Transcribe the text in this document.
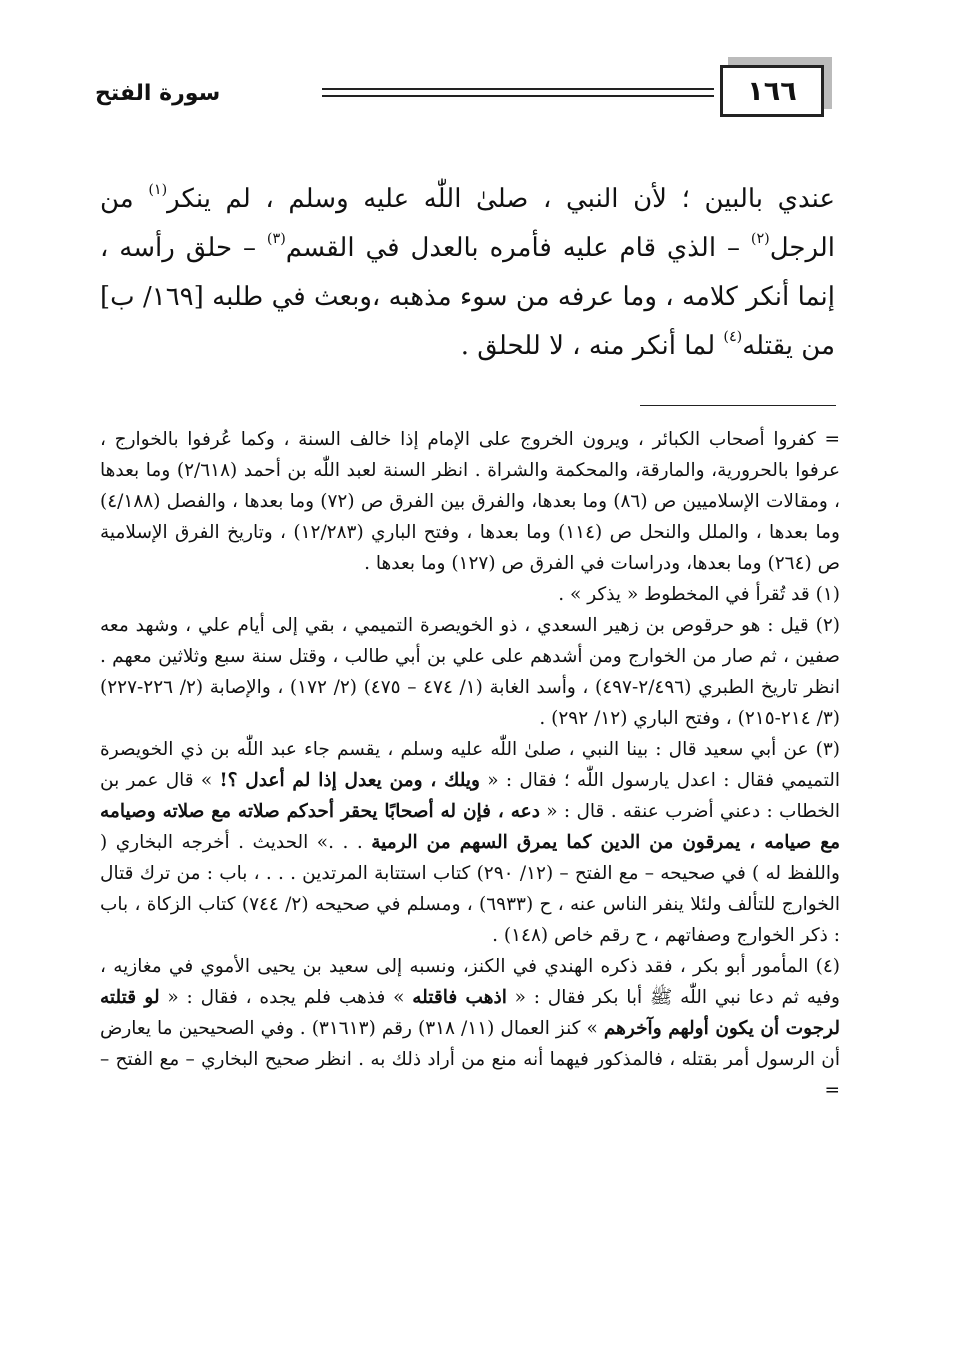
١٦٦
سورة الفتح

عندي بالبين ؛ لأن النبي ، صلىٰ اللّٰه عليه وسلم ، لم ينكر$^{(١)}$ من الرجل$^{(٢)}$ – الذي قام عليه فأمره بالعدل في القسم$^{(٣)}$ – حلق رأسه ، إنما أنكر كلامه ، وما عرفه من سوء مذهبه ،وبعث في طلبه [١٦٩/ ب] من يقتله$^{(٤)}$ لما أنكر منه ، لا للحلق .

= كفروا أصحاب الكبائر ، ويرون الخروج على الإمام إذا خالف السنة ، وكما عُرفوا بالخوارج ، عرفوا بالحرورية، والمارقة، والمحكمة والشراة . انظر السنة لعبد اللّٰه بن أحمد (٢/٦١٨) وما بعدها ، ومقالات الإسلاميين ص (٨٦) وما بعدها، والفرق بين الفرق ص (٧٢) وما بعدها ، والفصل (٤/١٨٨) وما بعدها ، والملل والنحل ص (١١٤) وما بعدها ، وفتح الباري (١٢/٢٨٣) ، وتاريخ الفرق الإسلامية ص (٢٦٤) وما بعدها، ودراسات في الفرق ص (١٢٧) وما بعدها .

(١) قد تُقرأ في المخطوط « يذكر » .

(٢) قيل : هو حرقوص بن زهير السعدي ، ذو الخويصرة التميمي ، بقي إلى أيام علي ، وشهد معه صفين ، ثم صار من الخوارج ومن أشدهم على علي بن أبي طالب ، وقتل سنة سبع وثلاثين معهم . انظر تاريخ الطبري (٢/٤٩٦-٤٩٧) ، وأسد الغابة (١/ ٤٧٤ – ٤٧٥) (٢/ ١٧٢) ، والإصابة (٢/ ٢٢٦-٢٢٧) (٣/ ٢١٤-٢١٥) ، وفتح الباري (١٢/ ٢٩٢) .

(٣) عن أبي سعيد قال : بينا النبي ، صلىٰ اللّٰه عليه وسلم ، يقسم جاء عبد اللّٰه بن ذي الخويصرة التميمي فقال : اعدل يارسول اللّٰه ؛ فقال : « ويلك ، ومن يعدل إذا لم أعدل ؟! » قال عمر بن الخطاب : دعني أضرب عنقه . قال : « دعه ، فإن له أصحابًا يحقر أحدكم صلاته مع صلاته وصيامه مع صيامه ، يمرقون من الدين كما يمرق السهم من الرمية . . .» الحديث . أخرجه البخاري ( واللفظ له ) في صحيحه – مع الفتح – (١٢/ ٢٩٠) كتاب استتابة المرتدين . . . ، باب : من ترك قتال الخوارج للتألف ولئلا ينفر الناس عنه ، ح (٦٩٣٣) ، ومسلم في صحيحه (٢/ ٧٤٤) كتاب الزكاة ، باب : ذكر الخوارج وصفاتهم ، ح رقم خاص (١٤٨) .

(٤) المأمور أبو بكر ، فقد ذكره الهندي في الكنز، ونسبه إلى سعيد بن يحيى الأموي في مغازيه ، وفيه ثم دعا نبي اللّٰه ﷺ أبا بكر فقال : « اذهب فاقتله » فذهب فلم يجده ، فقال : « لو قتلته لرجوت أن يكون أولهم وآخرهم » كنز العمال (١١/ ٣١٨) رقم (٣١٦١٣) . وفي الصحيحين ما يعارض أن الرسول أمر بقتله ، فالمذكور فيهما أنه منع من أراد ذلك به . انظر صحيح البخاري – مع الفتح – =
